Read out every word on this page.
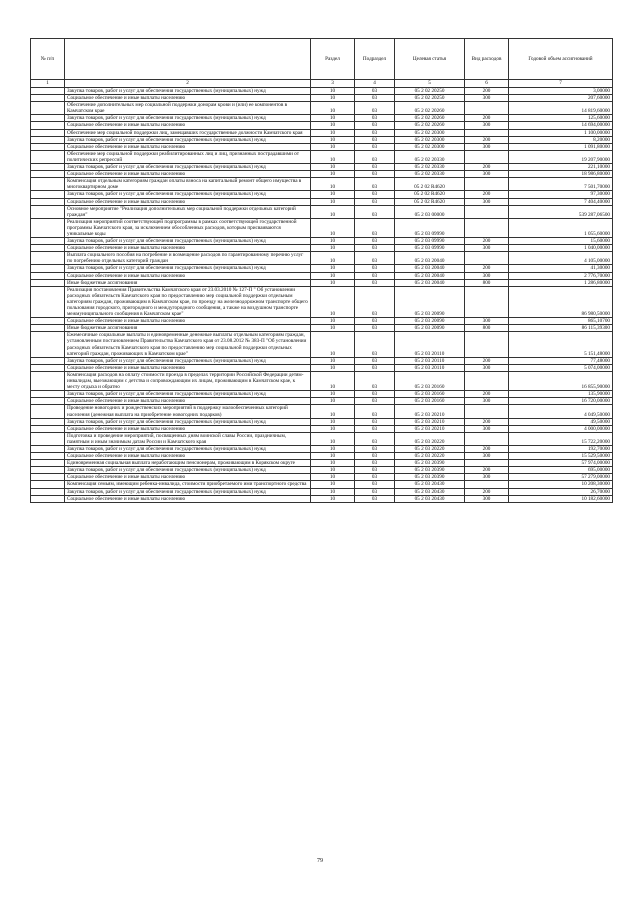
№ п/п		Раздел	Подраздел	Целевая статья	Вид расходов	Годовой объем ассигнований
1	2	3	4	5	6	7
	Закупка товаров, работ и услуг для обеспечения государственных (муниципальных) нужд	10	03	05 2 02 20250	200	3,00000
	Социальное обеспечение и иные выплаты населению	10	03	05 2 02 20250	300	207,60000
	Обеспечение дополнительных мер социальной поддержки донорам крови и (или) ее компонентов в Камчатском крае	10	03	05 2 02 20260		14 819,60000
	Закупка товаров, работ и услуг для обеспечения государственных (муниципальных) нужд	10	03	05 2 02 20260	200	125,60000
	Социальное обеспечение и иные выплаты населению	10	03	05 2 02 20260	300	14 694,00000
	Обеспечение мер социальной поддержки лиц, замещавших государственные должности Камчатского края	10	03	05 2 02 20300		1 100,00000
	Закупка товаров, работ и услуг для обеспечения государственных (муниципальных) нужд	10	03	05 2 02 20300	200	8,20000
	Социальное обеспечение и иные выплаты населению	10	03	05 2 02 20300	300	1 091,80000
	Обеспечение мер социальной поддержки реабилитированных лиц и лиц, признанных пострадавшими от политических репрессий	10	03	05 2 02 20330		19 207,90000
	Закупка товаров, работ и услуг для обеспечения государственных (муниципальных) нужд	10	03	05 2 02 20330	200	221,10000
	Социальное обеспечение и иные выплаты населению	10	03	05 2 02 20330	300	18 986,80000
	Компенсация отдельным категориям граждан оплаты взноса на капитальный ремонт общего имущества в многоквартирном доме	10	03	05 2 02 R4620		7 501,70000
	Закупка товаров, работ и услуг для обеспечения государственных (муниципальных) нужд	10	03	05 2 02 R4620	200	97,30000
	Социальное обеспечение и иные выплаты населению	10	03	05 2 02 R4620	300	7 404,40000
	Основное мероприятие "Реализация дополнительных мер социальной поддержки отдельных категорий граждан"	10	03	05 2 03 00000		539 287,06500
	Реализация мероприятий соответствующей подпрограммы в рамках соответствующей государственной программы Камчатского края, за исключением обособленных расходов, которым присваиваются уникальные коды	10	03	05 2 03 09990		1 055,60000
	Закупка товаров, работ и услуг для обеспечения государственных (муниципальных) нужд	10	03	05 2 03 09990	200	15,60000
	Социальное обеспечение и иные выплаты населению	10	03	05 2 03 09990	300	1 040,00000
	Выплата социального пособия на погребение и возмещение расходов по гарантированному перечню услуг по погребению отдельных категорий граждан	10	03	05 2 03 20040		4 105,00000
	Закупка товаров, работ и услуг для обеспечения государственных (муниципальных) нужд	10	03	05 2 03 20040	200	41,30000
	Социальное обеспечение и иные выплаты населению	10	03	05 2 03 20040	300	2 776,70000
	Иные бюджетные ассигнования	10	03	05 2 03 20040	800	1 286,80000
	Реализация постановления Правительства Камчатского края от 23.03.2010 № 127-П " Об установлении расходных обязательств Камчатского края по предоставлению мер социальной поддержки отдельным категориям граждан, проживающим в Камчатском крае, по проезду на железнодорожном транспорте общего пользования городского, пригородного и междугородного сообщения, а также на воздушном транспорте межмуниципального сообщения в Камчатском крае"	10	03	05 2 03 20090		86 980,50000
	Социальное обеспечение и иные выплаты населению	10	03	05 2 03 20090	300	865,10700
	Иные бюджетные ассигнования	10	03	05 2 03 20090	800	86 115,39300
	Ежемесячные социальные выплаты и единовременные денежные выплаты отдельным категориям граждан, установленным постановлением Правительства Камчатского края от 23.08.2012 № 383-П "Об установлении расходных обязательств Камчатского края по предоставлению мер социальной поддержки отдельных категорий граждан, проживающих в Камчатском крае"	10	03	05 2 03 20110		5 151,48000
	Закупка товаров, работ и услуг для обеспечения государственных (муниципальных) нужд	10	03	05 2 03 20110	200	77,48000
	Социальное обеспечение и иные выплаты населению	10	03	05 2 03 20110	300	5 074,00000
	Компенсация расходов на оплату стоимости проезда в пределах территории Российской Федерации детям-инвалидам, выезжающим с детства и сопровождающим их лицам, проживающим в Камчатском крае, к месту отдыха и обратно	10	03	05 2 03 20160		16 855,90000
	Закупка товаров, работ и услуг для обеспечения государственных (муниципальных) нужд	10	03	05 2 03 20160	200	135,90000
	Социальное обеспечение и иные выплаты населению	10	03	05 2 03 20160	300	16 720,00000
	Проведение новогодних и рождественских мероприятий в поддержку малообеспеченных категорий населения (денежная выплата на приобретение новогодних подарков)	10	03	05 2 03 20210		4 049,50000
	Закупка товаров, работ и услуг для обеспечения государственных (муниципальных) нужд	10	03	05 2 03 20210	200	49,50000
	Социальное обеспечение и иные выплаты населению	10	03	05 2 03 20210	300	4 000,00000
	Подготовка и проведение мероприятий, посвященных дням воинской славы России, праздничным, памятным и иным значимым датам России и Камчатского края	10	03	05 2 03 20220		15 722,20000
	Закупка товаров, работ и услуг для обеспечения государственных (муниципальных) нужд	10	03	05 2 03 20220	200	192,70000
	Социальное обеспечение и иные выплаты населению	10	03	05 2 03 20220	300	15 529,50000
	Единовременная социальная выплата неработающим пенсионерам, проживающим в Корякском округе	10	03	05 2 03 20390		57 974,00000
	Закупка товаров, работ и услуг для обеспечения государственных (муниципальных) нужд	10	03	05 2 03 20390	200	695,00000
	Социальное обеспечение и иные выплаты населению	10	03	05 2 03 20390	300	57 279,00000
	Компенсация семьям, имеющим ребенка-инвалида, стоимости приобретаемого ими транспортного средства	10	03	05 2 03 20430		10 208,30000
	Закупка товаров, работ и услуг для обеспечения государственных (муниципальных) нужд	10	03	05 2 03 20430	200	26,70000
	Социальное обеспечение и иные выплаты населению	10	03	05 2 03 20430	300	10 182,60000
79
